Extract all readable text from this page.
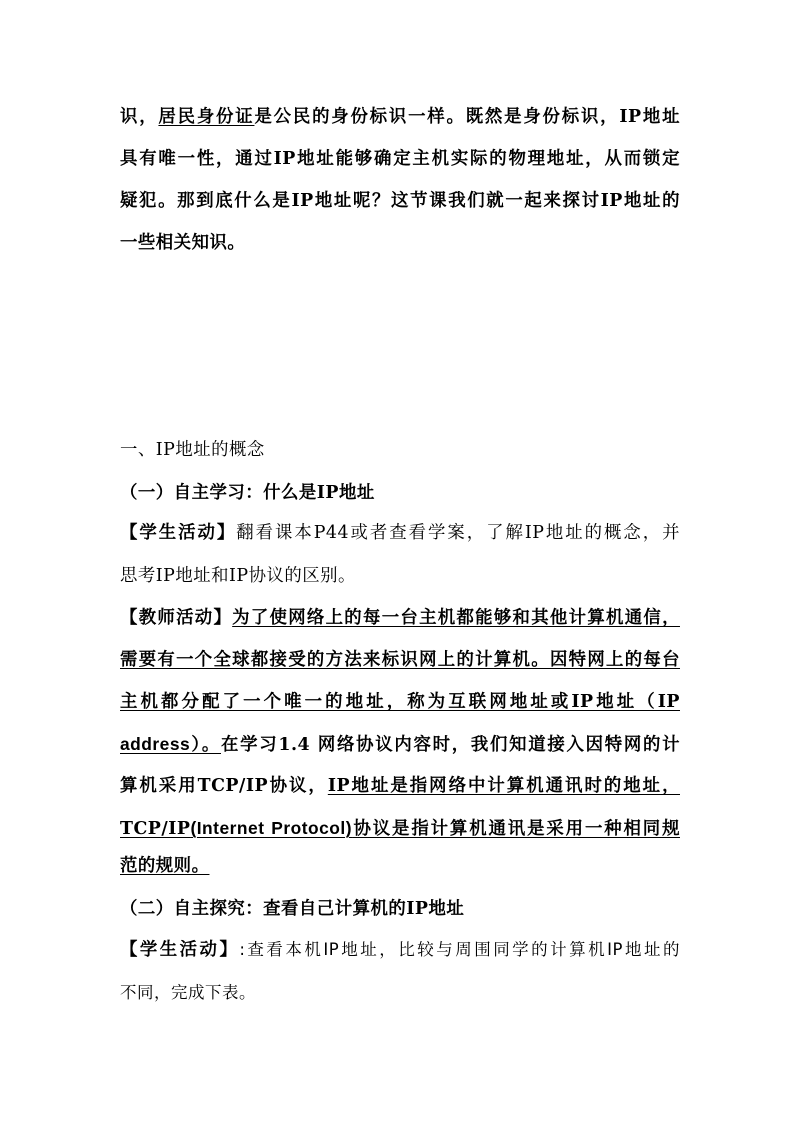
识，居民身份证是公民的身份标识一样。既然是身份标识，IP地址
具有唯一性，通过IP地址能够确定主机实际的物理地址，从而锁定
疑犯。那到底什么是IP地址呢？这节课我们就一起来探讨IP地址的
一些相关知识。
一、IP地址的概念
（一）自主学习：什么是IP地址
【学生活动】翻看课本P44或者查看学案，了解IP地址的概念，并
思考IP地址和IP协议的区别。
【教师活动】为了使网络上的每一台主机都能够和其他计算机通信，
需要有一个全球都接受的方法来标识网上的计算机。因特网上的每台
主机都分配了一个唯一的地址，称为互联网地址或IP地址（IP
address）。在学习1.4 网络协议内容时，我们知道接入因特网的计
算机采用TCP/IP协议，IP地址是指网络中计算机通讯时的地址，
TCP/IP(Internet Protocol)协议是指计算机通讯是采用一种相同规
范的规则。
（二）自主探究：查看自己计算机的IP地址
【学生活动】:查看本机IP地址，比较与周围同学的计算机IP地址的
不同，完成下表。
